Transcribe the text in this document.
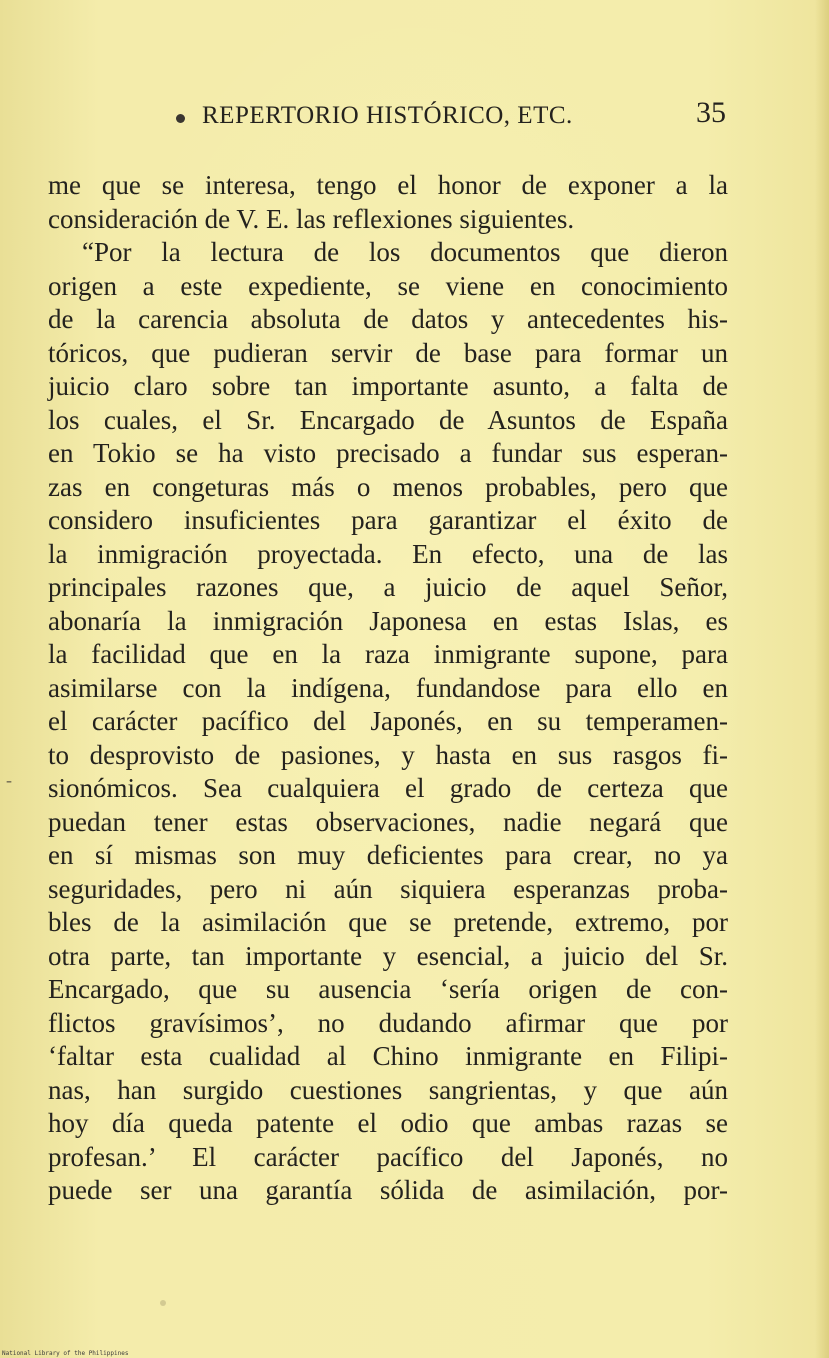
REPERTORIO HISTÓRICO, ETC.	35
me que se interesa, tengo el honor de exponer a la
consideración de V. E. las reflexiones siguientes.
“Por la lectura de los documentos que dieron
origen a este expediente, se viene en conocimiento
de la carencia absoluta de datos y antecedentes his-
tóricos, que pudieran servir de base para formar un
juicio claro sobre tan importante asunto, a falta de
los cuales, el Sr. Encargado de Asuntos de España
en Tokio se ha visto precisado a fundar sus esperan-
zas en congeturas más o menos probables, pero que
considero insuficientes para garantizar el éxito de
la inmigración proyectada. En efecto, una de las
principales razones que, a juicio de aquel Señor,
abonaría la inmigración Japonesa en estas Islas, es
la facilidad que en la raza inmigrante supone, para
asimilarse con la indígena, fundandose para ello en
el carácter pacífico del Japonés, en su temperamen-
to desprovisto de pasiones, y hasta en sus rasgos fi-
sionómicos. Sea cualquiera el grado de certeza que
puedan tener estas observaciones, nadie negará que
en sí mismas son muy deficientes para crear, no ya
seguridades, pero ni aún siquiera esperanzas proba-
bles de la asimilación que se pretende, extremo, por
otra parte, tan importante y esencial, a juicio del Sr.
Encargado, que su ausencia ‘sería origen de con-
flictos gravísimos’, no dudando afirmar que por
‘faltar esta cualidad al Chino inmigrante en Filipi-
nas, han surgido cuestiones sangrientas, y que aún
hoy día queda patente el odio que ambas razas se
profesan.’ El carácter pacífico del Japonés, no
puede ser una garantía sólida de asimilación, por-
-
National Library of the Philippines
